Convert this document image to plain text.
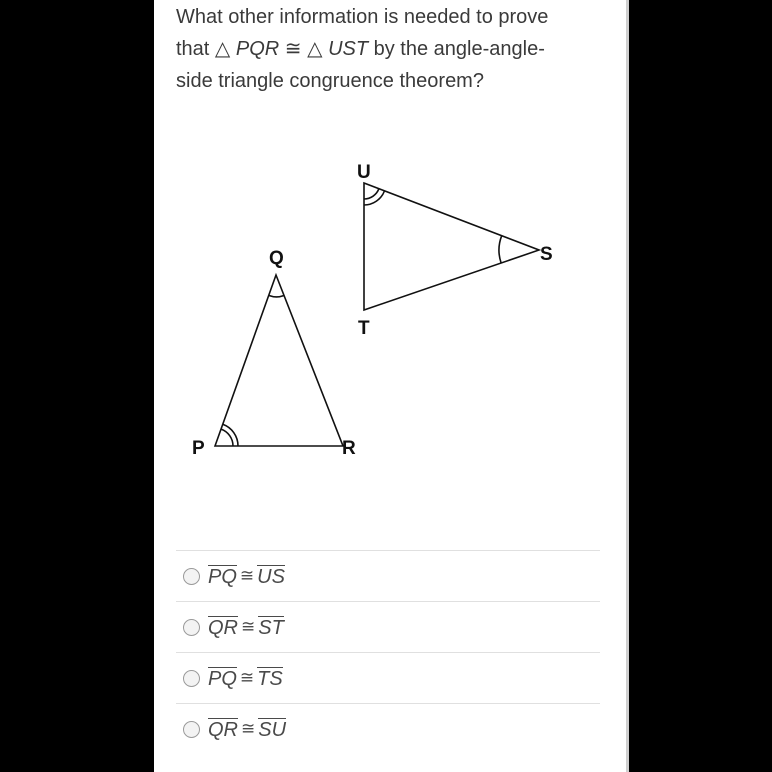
What other information is needed to prove
that △ PQR ≅ △ UST by the angle-angle-
side triangle congruence theorem?
Q
P	R
U
S
T
PQ ≅ US
QR ≅ ST
PQ ≅ TS
QR ≅ SU
